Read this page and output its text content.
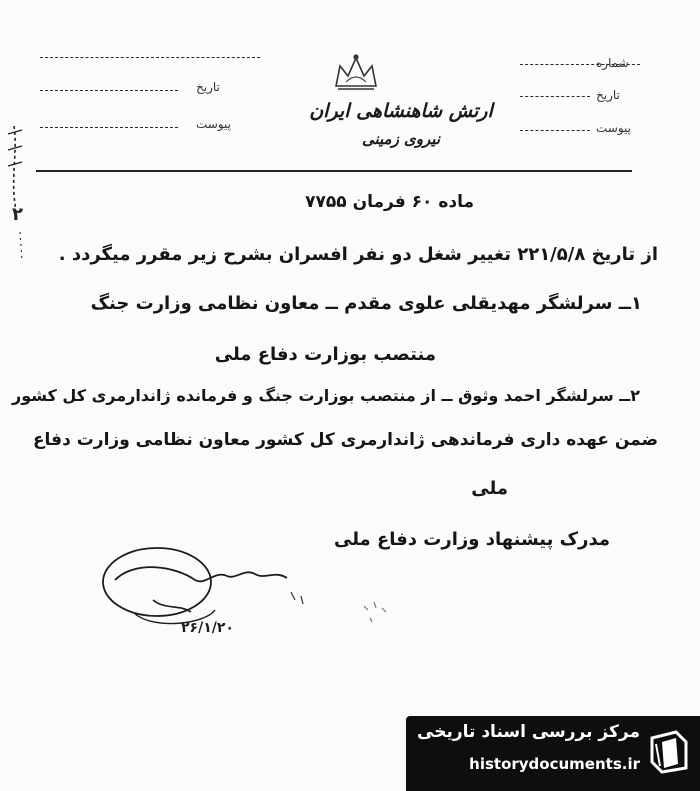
شماره
تاریخ
پیوست
تاریخ
پیوست
ارتش شاهنشاهی ایران
نیروی زمینی
۲
ماده ۶۰ فرمان ۷۷۵۵
از تاریخ ۲۲۱/۵/۸ تغییر شغل دو نفر افسران بشرح زیر مقرر میگردد .
۱ــ سرلشگر مهدیقلی علوی مقدم ــ معاون نظامی وزارت جنگ
منتصب بوزارت دفاع ملی
۲ــ سرلشگر احمد وثوق ــ از منتصب بوزارت جنگ و فرمانده ژاندارمری کل کشور
ضمن عهده داری فرماندهی ژاندارمری کل کشور معاون نظامی وزارت دفاع
ملی
مدرک پیشنهاد وزارت دفاع ملی
۲۶/۱/۲۰
مرکز بررسی اسناد تاریخی
historydocuments.ir
